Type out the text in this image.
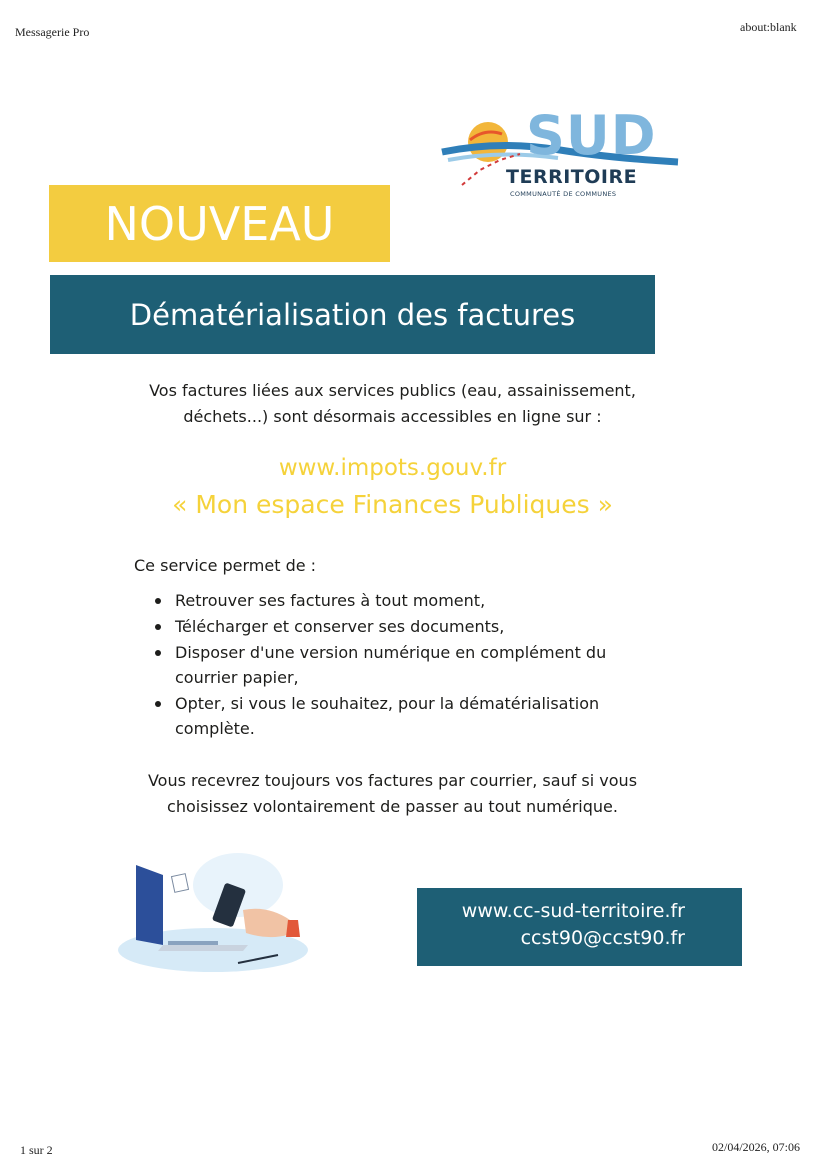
Messagerie Pro	about:blank
SUD
TERRITOIRE
COMMUNAUTÉ DE COMMUNES
NOUVEAU
Dématérialisation des factures
Vos factures liées aux services publics (eau, assainissement,
déchets...) sont désormais accessibles en ligne sur :
www.impots.gouv.fr
« Mon espace Finances Publiques »
Ce service permet de :
Retrouver ses factures à tout moment,
Télécharger et conserver ses documents,
Disposer d'une version numérique en complément du courrier papier,
Opter, si vous le souhaitez, pour la dématérialisation complète.
Vous recevrez toujours vos factures par courrier, sauf si vous
choisissez volontairement de passer au tout numérique.
www.cc-sud-territoire.fr
ccst90@ccst90.fr
1 sur 2	02/04/2026, 07:06
